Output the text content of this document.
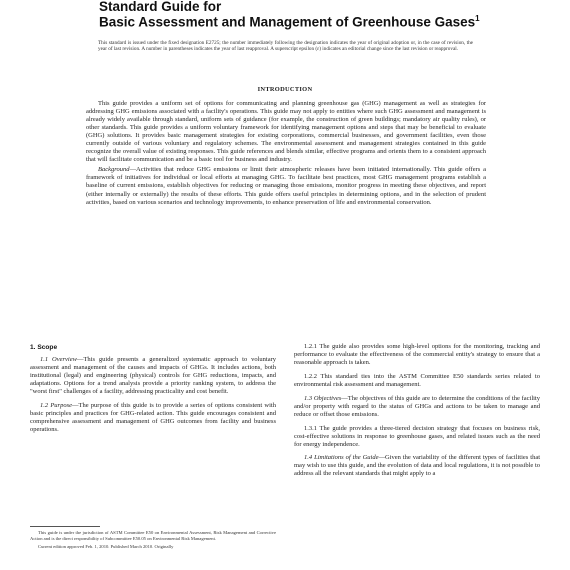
Standard Guide for
Basic Assessment and Management of Greenhouse Gases$^1$
This standard is issued under the fixed designation E2725; the number immediately following the designation indicates the year of original adoption or, in the case of revision, the year of last revision. A number in parentheses indicates the year of last reapproval. A superscript epsilon (ε) indicates an editorial change since the last revision or reapproval.
INTRODUCTION

This guide provides a uniform set of options for communicating and planning greenhouse gas (GHG) management as well as strategies for addressing GHG emissions associated with a facility's operations. This guide may not apply to entities where such GHG assessment and management is already widely available through standard, uniform sets of guidance (for example, the construction of green buildings; mandatory air quality rules), or other standards. This guide provides a uniform voluntary framework for identifying management options and steps that may be beneficial to evaluate (GHG) solutions. It provides basic management strategies for existing corporations, commercial businesses, and government facilities, even those currently outside of various voluntary and regulatory schemes. The environmental assessment and management strategies contained in this guide recognize the overall value of existing responses. This guide references and blends similar, effective programs and orients them to a consistent approach that will facilitate communication and be a basic tool for business and industry.

Background—Activities that reduce GHG emissions or limit their atmospheric releases have been initiated internationally. This guide offers a framework of initiatives for individual or local efforts at managing GHG. To facilitate best practices, most GHG management programs establish a baseline of current emissions, establish objectives for reducing or managing those emissions, monitor progress in meeting these objectives, and report (either internally or externally) the results of these efforts. This guide offers useful principles in determining options, and in the selection of prudent activities, based on various scenarios and technology improvements, to enhance preservation of life and environmental conservation.

1. Scope

1.1 Overview—This guide presents a generalized systematic approach to voluntary assessment and management of the causes and impacts of GHGs. It includes actions, both institutional (legal) and engineering (physical) controls for GHG reductions, impacts, and adaptations. Options for a trend analysis provide a priority ranking system, to address the "worst first" challenges of a facility, addressing practicality and cost benefit.

1.2 Purpose—The purpose of this guide is to provide a series of options consistent with basic principles and practices for GHG-related action. This guide encourages consistent and comprehensive assessment and management of GHG outcomes from facility and business operations.

This guide is under the jurisdiction of ASTM Committee E50 on Environmental Assessment, Risk Management and Corrective Action and is the direct responsibility of Subcommittee E50.05 on Environmental Risk Management.

Current edition approved Feb. 1, 2010. Published March 2010. Originally

1.2.1 The guide also provides some high-level options for the monitoring, tracking and performance to evaluate the effectiveness of the commercial entity's strategy to ensure that a reasonable approach is taken.

1.2.2 This standard ties into the ASTM Committee E50 standards series related to environmental risk assessment and management.

1.3 Objectives—The objectives of this guide are to determine the conditions of the facility and/or property with regard to the status of GHGs and actions to be taken to manage and reduce or offset those emissions.

1.3.1 The guide provides a three-tiered decision strategy that focuses on business risk, cost-effective solutions in response to greenhouse gases, and related issues such as the need for energy independence.

1.4 Limitations of the Guide—Given the variability of the different types of facilities that may wish to use this guide, and the evolution of data and local regulations, it is not possible to address all the relevant standards that might apply to a
